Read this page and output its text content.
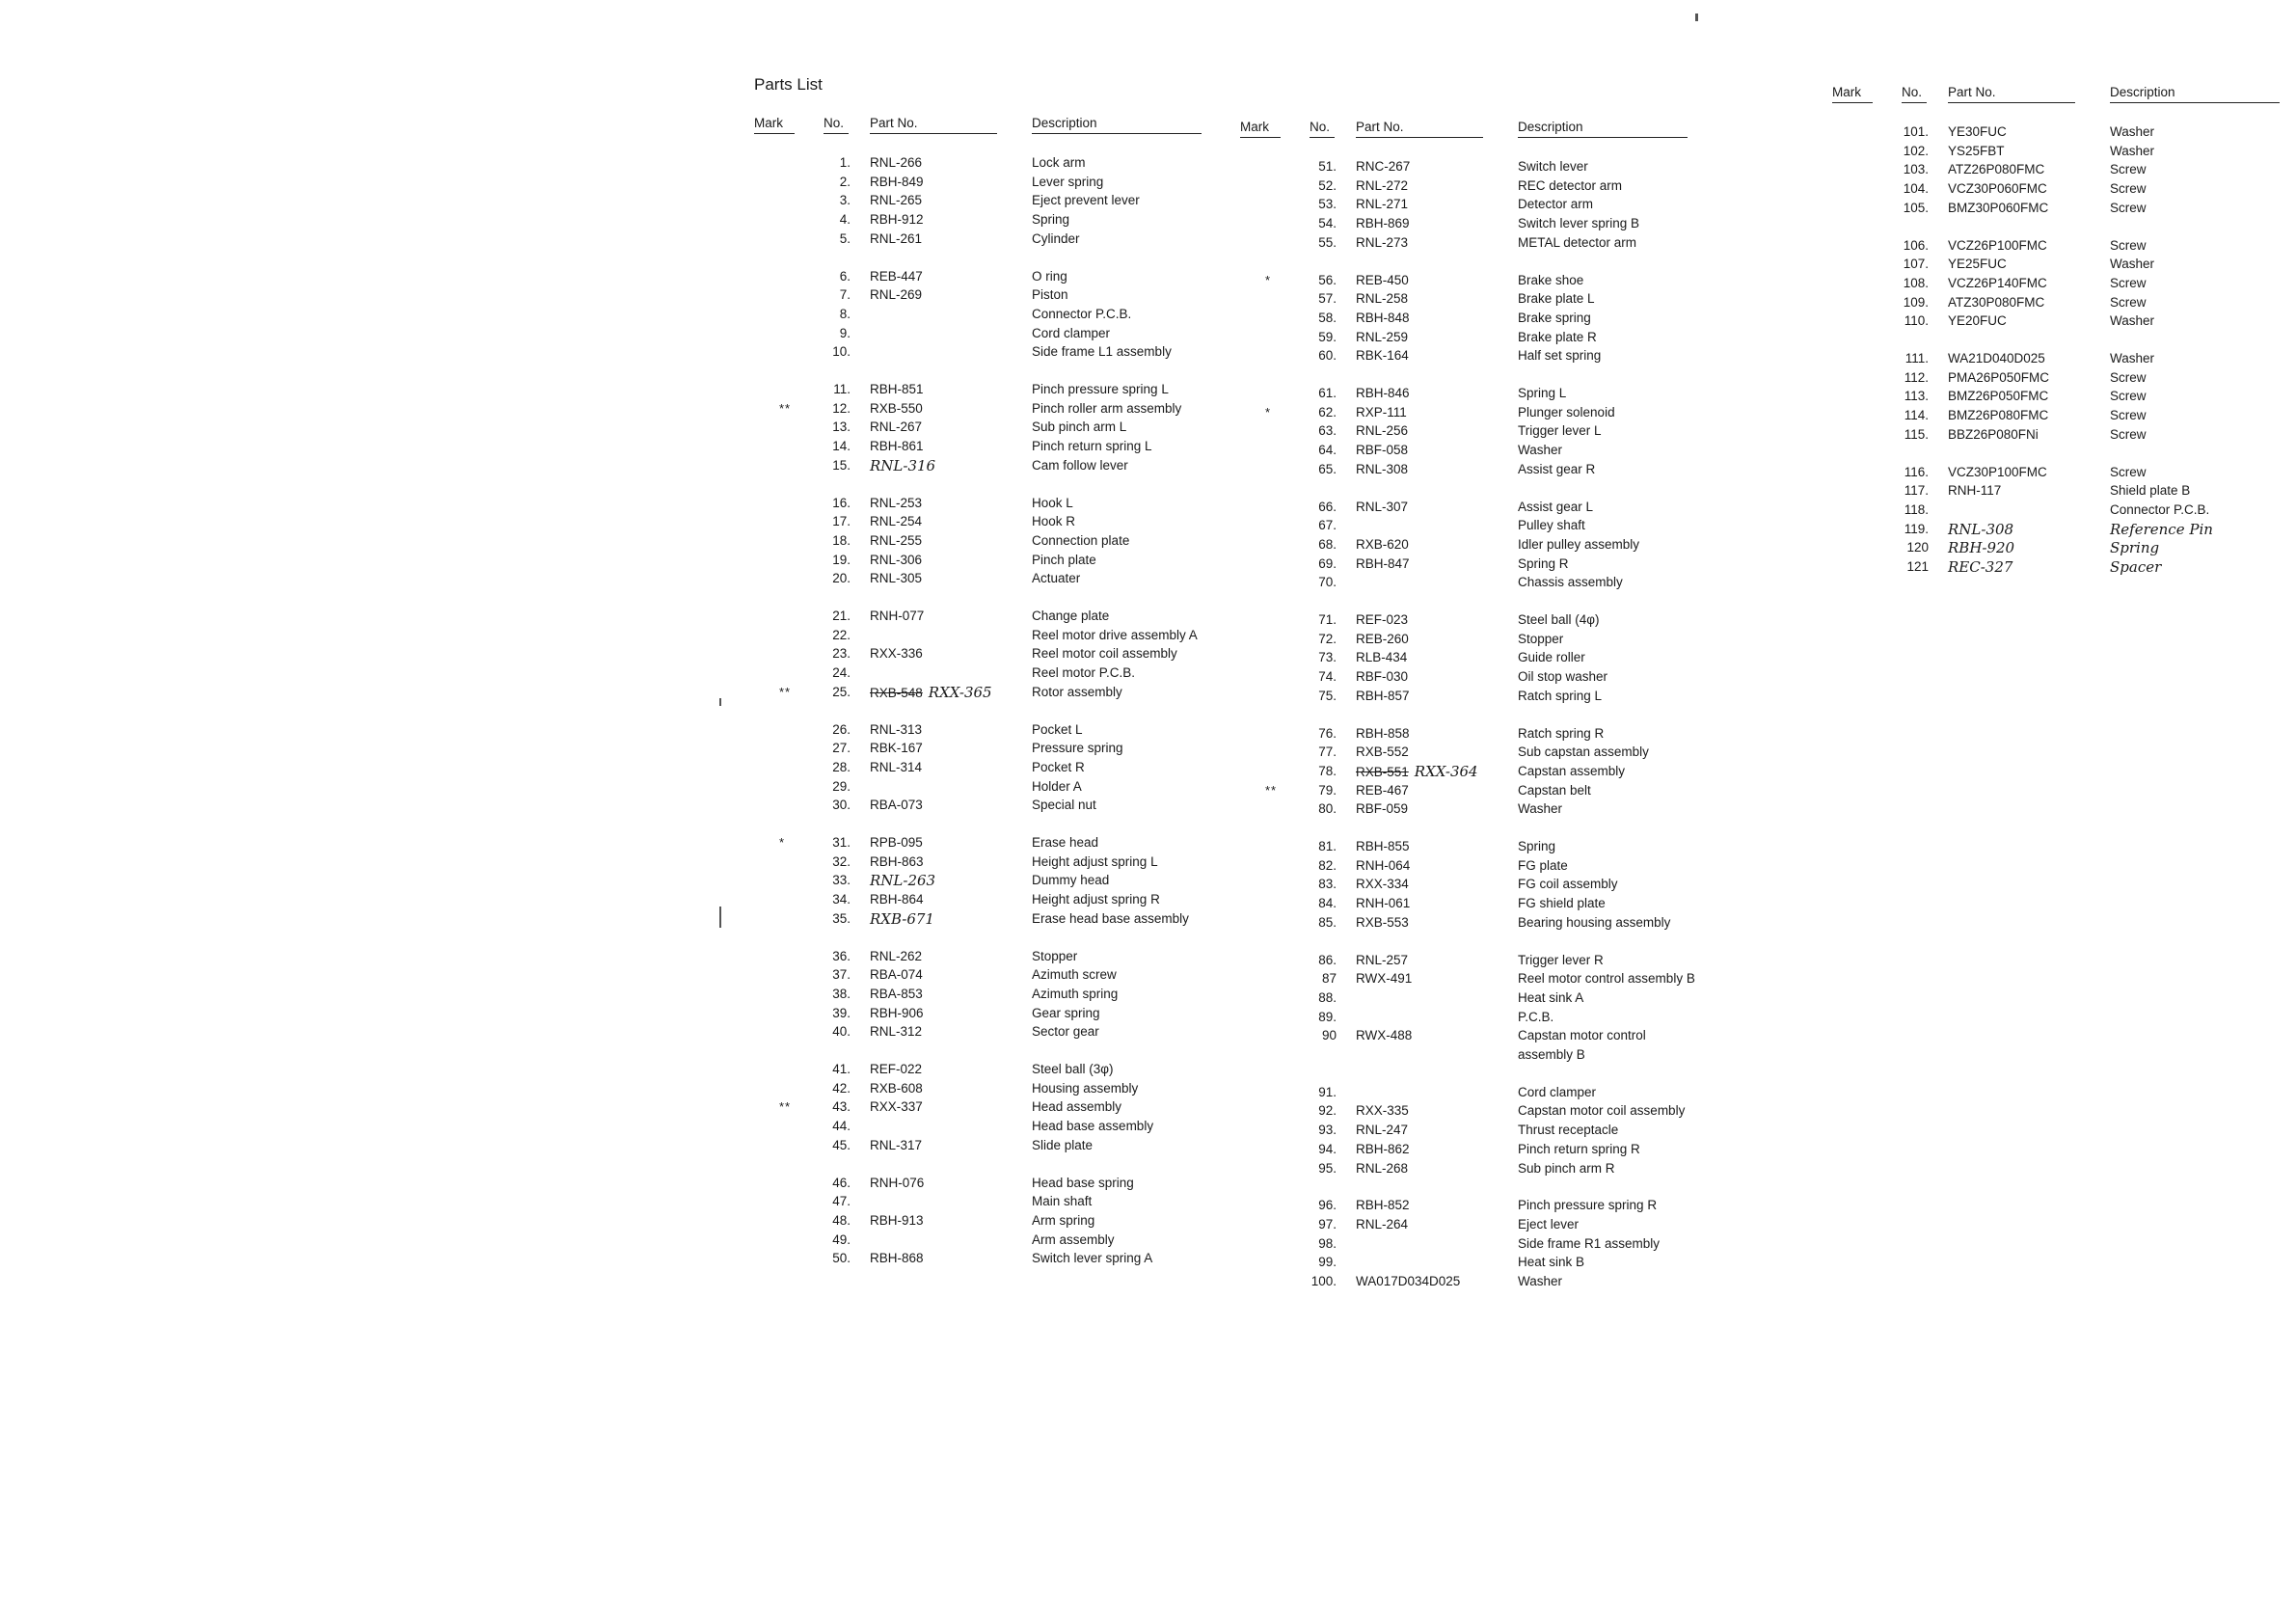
Parts List
Mark	No.	Part No.	Description
1. RNL-266	Lock arm
2. RBH-849	Lever spring
3. RNL-265	Eject prevent lever
4. RBH-912	Spring
5. RNL-261	Cylinder
6. REB-447	O ring
7. RNL-269	Piston
8.	Connector P.C.B.
9.	Cord clamper
10.	Side frame L1 assembly
11. RBH-851	Pinch pressure spring L
**	12. RXB-550	Pinch roller arm assembly
13. RNL-267	Sub pinch arm L
14. RBH-861	Pinch return spring L
15. RNL-316	Cam follow lever
16. RNL-253	Hook L
17. RNL-254	Hook R
18. RNL-255	Connection plate
19. RNL-306	Pinch plate
20. RNL-305	Actuater
21. RNH-077	Change plate
22.	Reel motor drive assembly A
23. RXX-336	Reel motor coil assembly
24.	Reel motor P.C.B.
**	25. RXB-548 RXX-365	Rotor assembly
26. RNL-313	Pocket L
27. RBK-167	Pressure spring
28. RNL-314	Pocket R
29.	Holder A
30. RBA-073	Special nut
*	31. RPB-095	Erase head
32. RBH-863	Height adjust spring L
33. RNL-263	Dummy head
34. RBH-864	Height adjust spring R
35. RXB-671	Erase head base assembly
36. RNL-262	Stopper
37. RBA-074	Azimuth screw
38. RBA-853	Azimuth spring
39. RBH-906	Gear spring
40. RNL-312	Sector gear
41. REF-022	Steel ball (3φ)
42. RXB-608	Housing assembly
**	43. RXX-337	Head assembly
44.	Head base assembly
45. RNL-317	Slide plate
46. RNH-076	Head base spring
47.	Main shaft
48. RBH-913	Arm spring
49.	Arm assembly
50. RBH-868	Switch lever spring A
Mark	No.	Part No.	Description
51. RNC-267	Switch lever
52. RNL-272	REC detector arm
53. RNL-271	Detector arm
54. RBH-869	Switch lever spring B
55. RNL-273	METAL detector arm
*	56. REB-450	Brake shoe
57. RNL-258	Brake plate L
58. RBH-848	Brake spring
59. RNL-259	Brake plate R
60. RBK-164	Half set spring
61. RBH-846	Spring L
*	62. RXP-111	Plunger solenoid
63. RNL-256	Trigger lever L
64. RBF-058	Washer
65. RNL-308	Assist gear R
66. RNL-307	Assist gear L
67.	Pulley shaft
68. RXB-620	Idler pulley assembly
69. RBH-847	Spring R
70.	Chassis assembly
71. REF-023	Steel ball (4φ)
72. REB-260	Stopper
73. RLB-434	Guide roller
74. RBF-030	Oil stop washer
75. RBH-857	Ratch spring L
76. RBH-858	Ratch spring R
77. RXB-552	Sub capstan assembly
78. RXB-551 RXX-364	Capstan assembly
**	79. REB-467	Capstan belt
80. RBF-059	Washer
81. RBH-855	Spring
82. RNH-064	FG plate
83. RXX-334	FG coil assembly
84. RNH-061	FG shield plate
85. RXB-553	Bearing housing assembly
86. RNL-257	Trigger lever R
87 RWX-491	Reel motor control assembly B
88.	Heat sink A
89.	P.C.B.
90 RWX-488	Capstan motor control
assembly B
91.	Cord clamper
92. RXX-335	Capstan motor coil assembly
93. RNL-247	Thrust receptacle
94. RBH-862	Pinch return spring R
95. RNL-268	Sub pinch arm R
96. RBH-852	Pinch pressure spring R
97. RNL-264	Eject lever
98.	Side frame R1 assembly
99.	Heat sink B
100. WA017D034D025	Washer
Mark	No.	Part No.	Description
101. YE30FUC	Washer
102. YS25FBT	Washer
103. ATZ26P080FMC	Screw
104. VCZ30P060FMC	Screw
105. BMZ30P060FMC	Screw
106. VCZ26P100FMC	Screw
107. YE25FUC	Washer
108. VCZ26P140FMC	Screw
109. ATZ30P080FMC	Screw
110. YE20FUC	Washer
111. WA21D040D025	Washer
112. PMA26P050FMC	Screw
113. BMZ26P050FMC	Screw
114. BMZ26P080FMC	Screw
115. BBZ26P080FNi	Screw
116. VCZ30P100FMC	Screw
117. RNH-117	Shield plate B
118.	Connector P.C.B.
119. RNL-308	Reference Pin
120 RBH-920	Spring
121 REC-327	Spacer
